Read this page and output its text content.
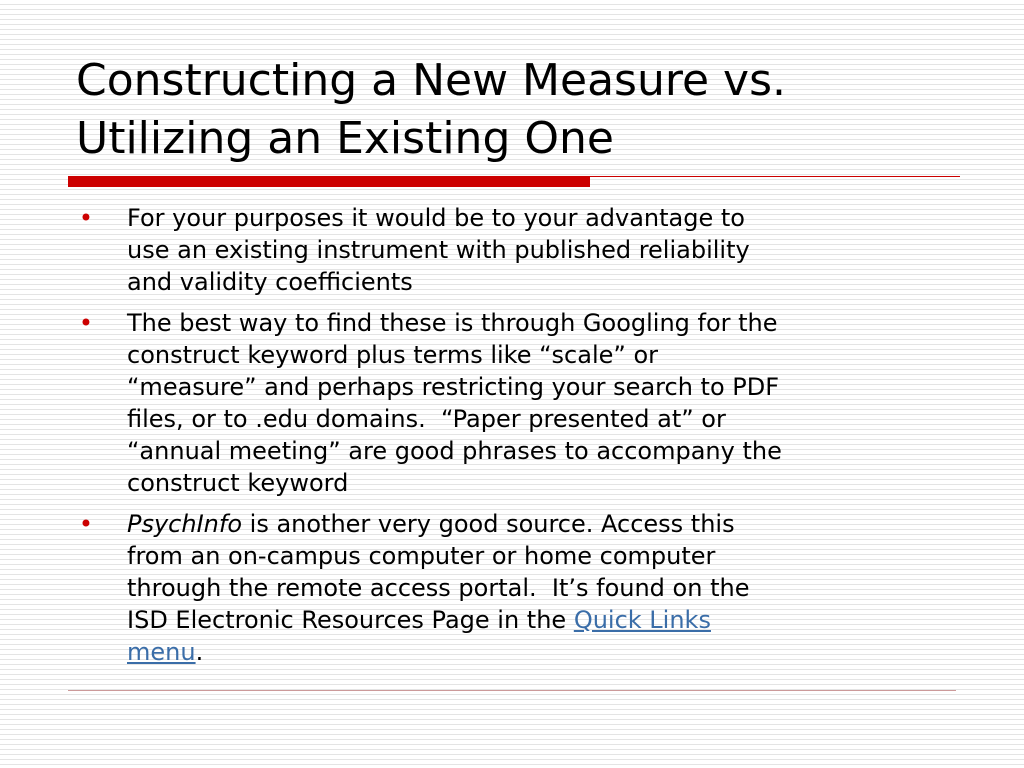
Constructing a New Measure vs.
Utilizing an Existing One
• For your purposes it would be to your advantage to
use an existing instrument with published reliability
and validity coefficients
• The best way to find these is through Googling for the
construct keyword plus terms like “scale” or
“measure” and perhaps restricting your search to PDF
files, or to .edu domains.  “Paper presented at” or
“annual meeting” are good phrases to accompany the
construct keyword
• PsychInfo is another very good source. Access this
from an on-campus computer or home computer
through the remote access portal.  It’s found on the
ISD Electronic Resources Page in the Quick Links
menu.
